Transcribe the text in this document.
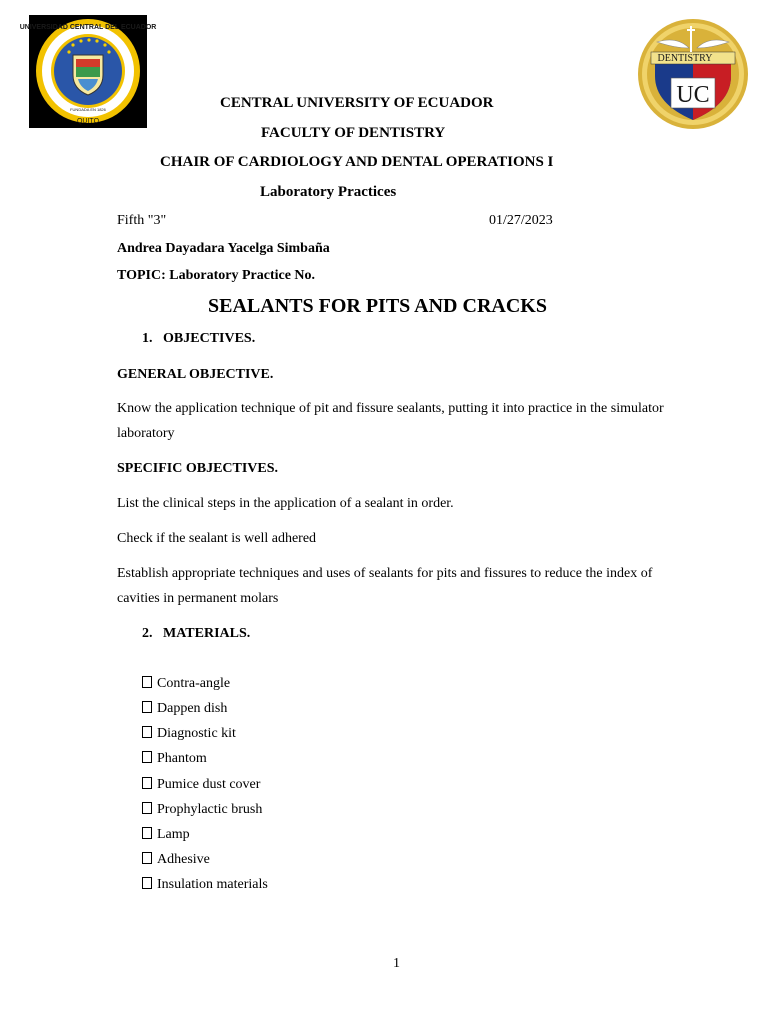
UNIVERSIDAD CENTRAL DEL ECUADOR
FUNDADA EN 1826
QUITO
DENTISTRY
UC
CENTRAL UNIVERSITY OF ECUADOR
FACULTY OF DENTISTRY
CHAIR OF CARDIOLOGY AND DENTAL OPERATIONS I
Laboratory Practices
Fifth "3"	01/27/2023
Andrea Dayadara Yacelga Simbaña
TOPIC: Laboratory Practice No.
SEALANTS FOR PITS AND CRACKS
1.   OBJECTIVES.
GENERAL OBJECTIVE.
Know the application technique of pit and fissure sealants, putting it into practice in the simulator laboratory
SPECIFIC OBJECTIVES.
List the clinical steps in the application of a sealant in order.
Check if the sealant is well adhered
Establish appropriate techniques and uses of sealants for pits and fissures to reduce the index of cavities in permanent molars
2.   MATERIALS.
Contra-angle
Dappen dish
Diagnostic kit
Phantom
Pumice dust cover
Prophylactic brush
Lamp
Adhesive
Insulation materials
1
